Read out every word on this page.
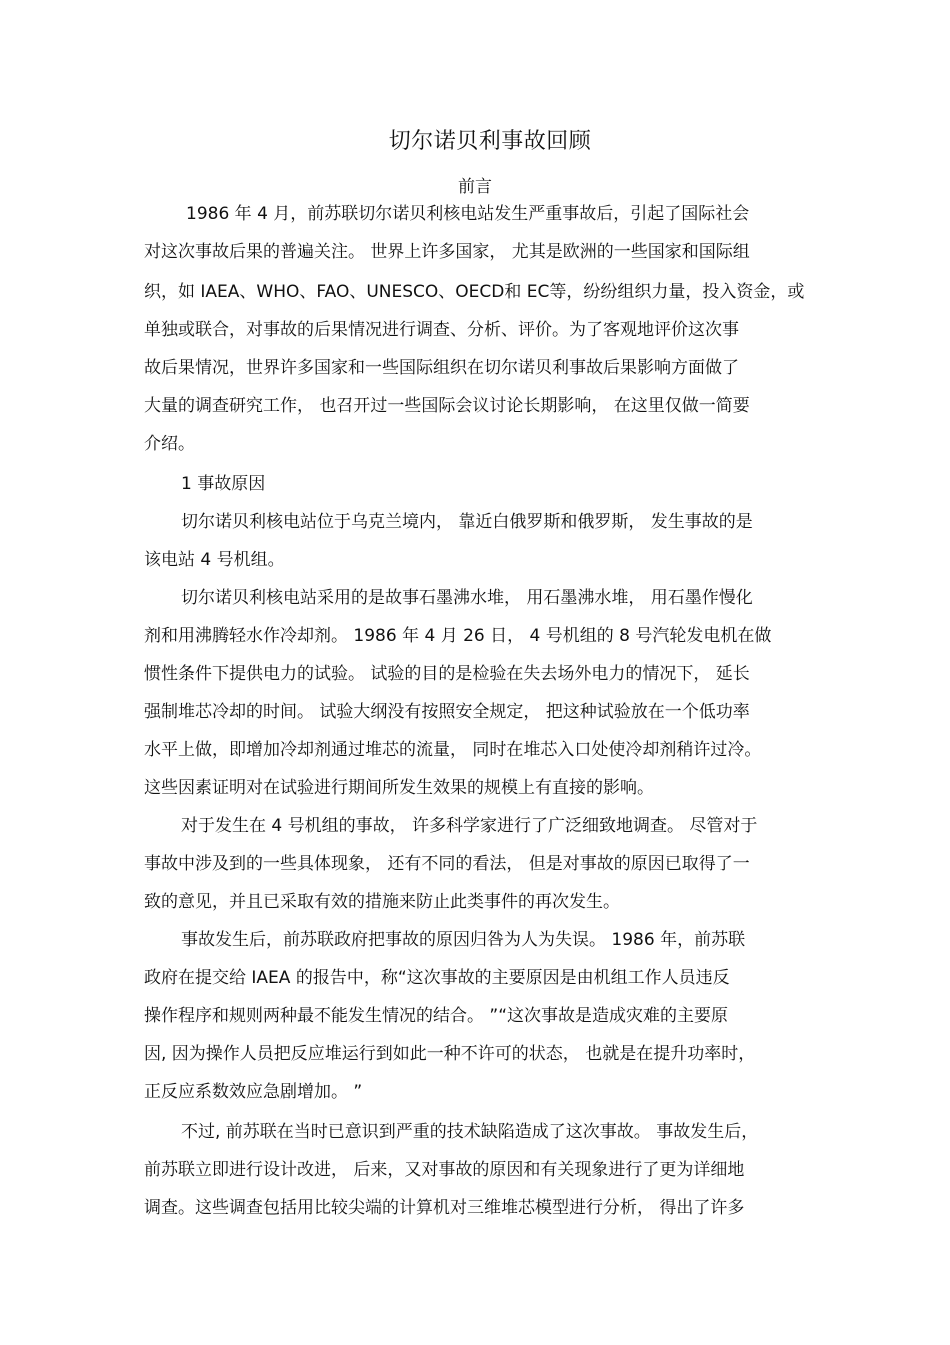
切尔诺贝利事故回顾
前言
1986 年 4 月，前苏联切尔诺贝利核电站发生严重事故后，引起了国际社会
对这次事故后果的普遍关注。 世界上许多国家， 尤其是欧洲的一些国家和国际组
织，如 IAEA、WHO、FAO、UNESCO、OECD和 EC等，纷纷组织力量，投入资金，或
单独或联合，对事故的后果情况进行调查、分析、评价。为了客观地评价这次事
故后果情况，世界许多国家和一些国际组织在切尔诺贝利事故后果影响方面做了
大量的调查研究工作， 也召开过一些国际会议讨论长期影响， 在这里仅做一简要
介绍。
1 事故原因
切尔诺贝利核电站位于乌克兰境内， 靠近白俄罗斯和俄罗斯， 发生事故的是
该电站 4 号机组。
切尔诺贝利核电站采用的是故事石墨沸水堆， 用石墨沸水堆， 用石墨作慢化
剂和用沸腾轻水作冷却剂。 1986 年 4 月 26 日， 4 号机组的 8 号汽轮发电机在做
惯性条件下提供电力的试验。 试验的目的是检验在失去场外电力的情况下， 延长
强制堆芯冷却的时间。 试验大纲没有按照安全规定， 把这种试验放在一个低功率
水平上做，即增加冷却剂通过堆芯的流量， 同时在堆芯入口处使冷却剂稍许过冷。
这些因素证明对在试验进行期间所发生效果的规模上有直接的影响。
对于发生在 4 号机组的事故， 许多科学家进行了广泛细致地调查。 尽管对于
事故中涉及到的一些具体现象， 还有不同的看法， 但是对事故的原因已取得了一
致的意见，并且已采取有效的措施来防止此类事件的再次发生。
事故发生后，前苏联政府把事故的原因归咎为人为失误。 1986 年，前苏联
政府在提交给 IAEA 的报告中，称“这次事故的主要原因是由机组工作人员违反
操作程序和规则两种最不能发生情况的结合。 ”“这次事故是造成灾难的主要原
因, 因为操作人员把反应堆运行到如此一种不许可的状态， 也就是在提升功率时，
正反应系数效应急剧增加。 ”
不过, 前苏联在当时已意识到严重的技术缺陷造成了这次事故。 事故发生后，
前苏联立即进行设计改进， 后来，又对事故的原因和有关现象进行了更为详细地
调查。这些调查包括用比较尖端的计算机对三维堆芯模型进行分析， 得出了许多
